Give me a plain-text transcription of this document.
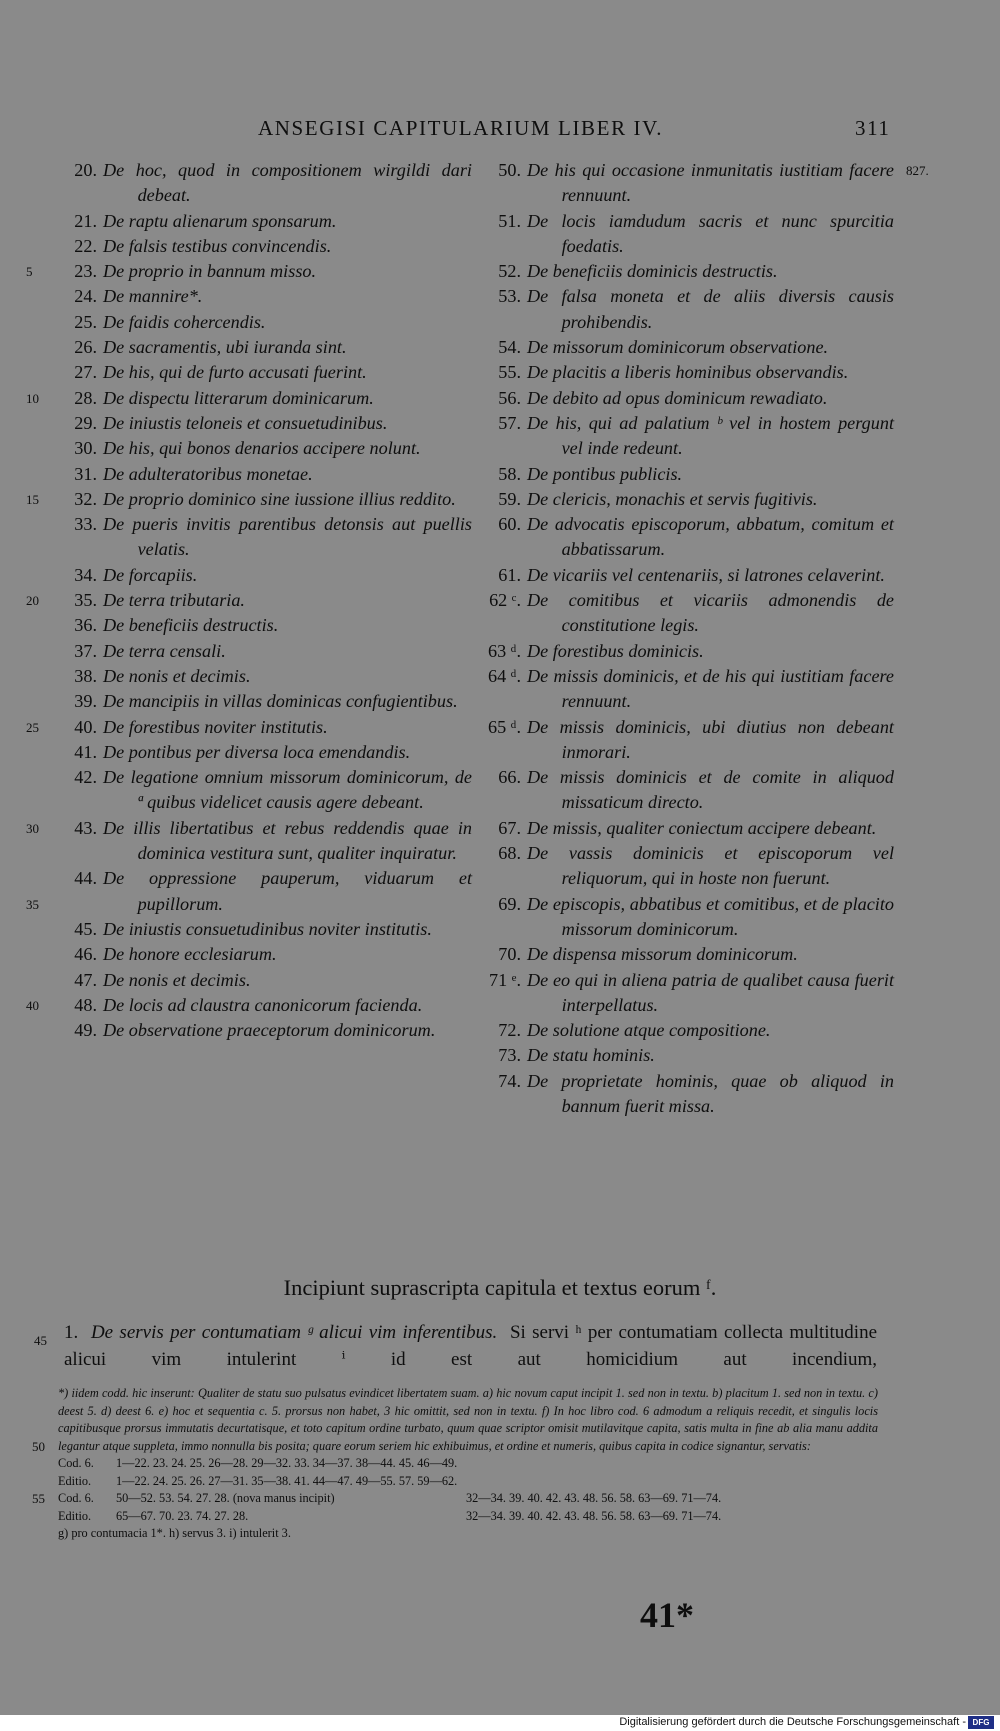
ANSEGISI CAPITULARIUM LIBER IV.	311
20. De hoc, quod in compositionem wirgildi dari debeat.
21. De raptu alienarum sponsarum.
22. De falsis testibus convincendis.
23. De proprio in bannum misso.
5
24. De mannire*.
25. De faidis cohercendis.
26. De sacramentis, ubi iuranda sint.
27. De his, qui de furto accusati fuerint.
28. De dispectu litterarum dominicarum.
10
29. De iniustis teloneis et consuetudinibus.
30. De his, qui bonos denarios accipere nolunt.
31. De adulteratoribus monetae.
32. De proprio dominico sine iussione illius reddito.
15
33. De pueris invitis parentibus detonsis aut puellis velatis.
34. De forcapiis.
35. De terra tributaria.
20
36. De beneficiis destructis.
37. De terra censali.
38. De nonis et decimis.
39. De mancipiis in villas dominicas confugientibus.
25	40. De forestibus noviter institutis.
41. De pontibus per diversa loca emendandis.
42. De legatione omnium missorum dominicorum, de ª quibus videlicet causis agere debeant.
30	43. De illis libertatibus et rebus reddendis quae in dominica vestitura sunt, qualiter inquiratur.
44. De oppressione pauperum, viduarum et pupillorum.
35
45. De iniustis consuetudinibus noviter institutis.
46. De honore ecclesiarum.
47. De nonis et decimis.
48. De locis ad claustra canonicorum facienda.
40
49. De observatione praeceptorum dominicorum.
827.
50. De his qui occasione inmunitatis iustitiam facere rennuunt.
51. De locis iamdudum sacris et nunc spurcitia foedatis.
52. De beneficiis dominicis destructis.
53. De falsa moneta et de aliis diversis causis prohibendis.
54. De missorum dominicorum observatione.
55. De placitis a liberis hominibus observandis.
56. De debito ad opus dominicum rewadiato.
57. De his, qui ad palatium ᵇ vel in hostem pergunt vel inde redeunt.
58. De pontibus publicis.
59. De clericis, monachis et servis fugitivis.
60. De advocatis episcoporum, abbatum, comitum et abbatissarum.
61. De vicariis vel centenariis, si latrones celaverint.
62 ᶜ. De comitibus et vicariis admonendis de constitutione legis.
63 ᵈ. De forestibus dominicis.
64 ᵈ. De missis dominicis, et de his qui iustitiam facere rennuunt.
65 ᵈ. De missis dominicis, ubi diutius non debeant inmorari.
66. De missis dominicis et de comite in aliquod missaticum directo.
67. De missis, qualiter coniectum accipere debeant.
68. De vassis dominicis et episcoporum vel reliquorum, qui in hoste non fuerunt.
69. De episcopis, abbatibus et comitibus, et de placito missorum dominicorum.
70. De dispensa missorum dominicorum.
71 ᵉ. De eo qui in aliena patria de qualibet causa fuerit interpellatus.
72. De solutione atque compositione.
73. De statu hominis.
74. De proprietate hominis, quae ob aliquod in bannum fuerit missa.
Incipiunt suprascripta capitula et textus eorum ᶠ.
45 1. De servis per contumatiam ᵍ alicui vim inferentibus. Si servi ʰ per contumatiam collecta multitudine alicui vim intulerint ⁱ id est aut homicidium aut incendium,
50
*) iidem codd. hic inserunt: Qualiter de statu suo pulsatus evindicet libertatem suam. a) hic novum caput incipit 1. sed non in textu. b) placitum 1. sed non in textu. c) deest 5. d) deest 6. e) hoc et sequentia c. 5. prorsus non habet, 3 hic omittit, sed non in textu. f) In hoc libro cod. 6 admodum a reliquis recedit, et singulis locis capitibusque prorsus immutatis decurtatisque, et toto capitum ordine turbato, quum quae scriptor omisit mutilavitque capita, satis multa in fine ab alia manu addita legantur atque suppleta, immo nonnulla bis posita; quare eorum seriem hic exhibuimus, et ordine et numeris, quibus capita in codice signantur, servatis:
Cod. 6.	1—22. 23. 24. 25. 26—28. 29—32. 33. 34—37. 38—44. 45. 46—49.
Editio.	1—22. 24. 25. 26. 27—31. 35—38. 41. 44—47. 49—55. 57. 59—62.
Cod. 6.	50—52. 53. 54. 27. 28. (nova manus incipit)	32—34. 39. 40. 42. 43. 48. 56. 58. 63—69. 71—74.
55
Editio.	65—67. 70. 23. 74. 27. 28.	32—34. 39. 40. 42. 43. 48. 56. 58. 63—69. 71—74.
g) pro contumacia 1*. h) servus 3. i) intulerit 3.
41*
Digitalisierung gefördert durch die Deutsche Forschungsgemeinschaft - DFG
